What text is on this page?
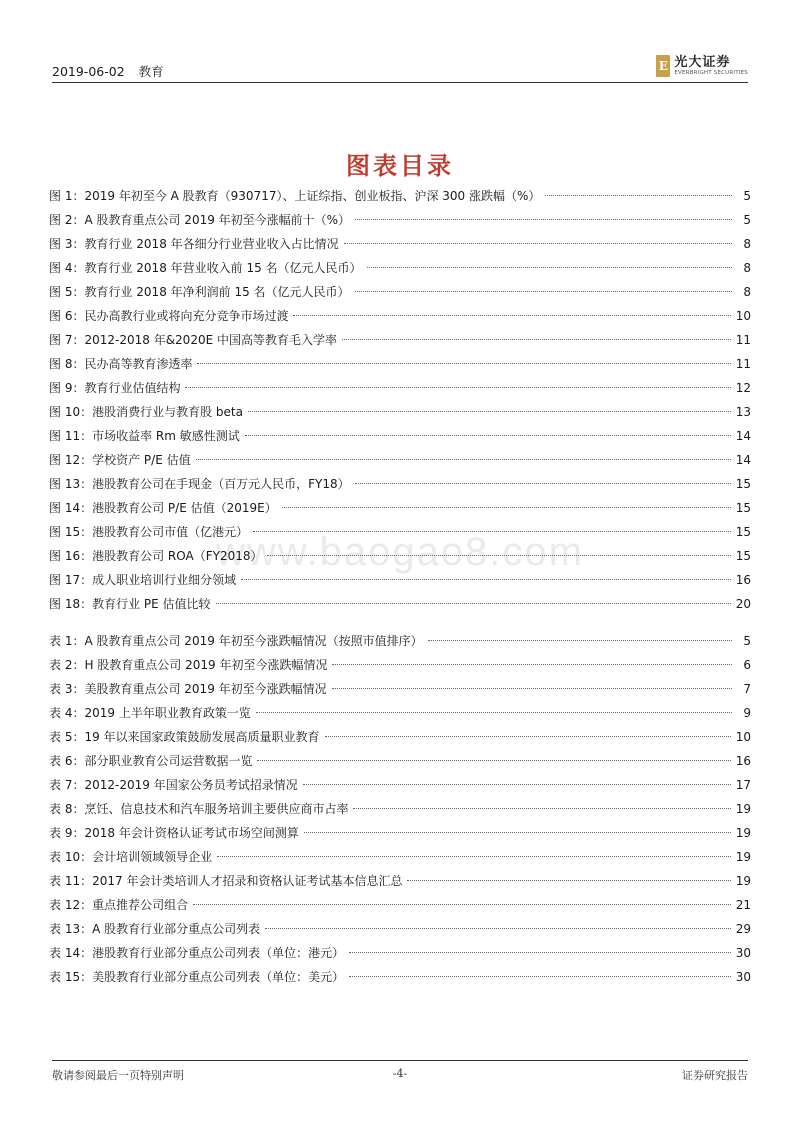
2019-06-02 教育	E 光大证券
EVERBRIGHT SECURITIES
图表目录
www.baogao8.com
图 1 ： 2019 年初至今 A 股教育（930717）、上证综指、创业板指、沪深 300 涨跌幅（%）	5
图 2 ： A 股教育重点公司 2019 年初至今涨幅前十（%）	5
图 3 ： 教育行业 2018 年各细分行业营业收入占比情况	8
图 4 ： 教育行业 2018 年营业收入前 15 名（亿元人民币）	8
图 5 ： 教育行业 2018 年净利润前 15 名（亿元人民币）	8
图 6 ： 民办高教行业或将向充分竞争市场过渡	10
图 7 ： 2012-2018 年&2020E 中国高等教育毛入学率	11
图 8 ： 民办高等教育渗透率	11
图 9 ： 教育行业估值结构	12
图 10 ： 港股消费行业与教育股 beta	13
图 11 ： 市场收益率 Rm 敏感性测试	14
图 12 ： 学校资产 P/E 估值	14
图 13 ： 港股教育公司在手现金（百万元人民币，FY18）	15
图 14 ： 港股教育公司 P/E 估值（2019E）	15
图 15 ： 港股教育公司市值（亿港元）	15
图 16 ： 港股教育公司 ROA（FY2018）	15
图 17 ： 成人职业培训行业细分领域	16
图 18 ： 教育行业 PE 估值比较	20
表 1 ： A 股教育重点公司 2019 年初至今涨跌幅情况（按照市值排序）	5
表 2 ： H 股教育重点公司 2019 年初至今涨跌幅情况	6
表 3 ： 美股教育重点公司 2019 年初至今涨跌幅情况	7
表 4 ： 2019 上半年职业教育政策一览	9
表 5 ： 19 年以来国家政策鼓励发展高质量职业教育	10
表 6 ： 部分职业教育公司运营数据一览	16
表 7 ： 2012-2019 年国家公务员考试招录情况	17
表 8 ： 烹饪、信息技术和汽车服务培训主要供应商市占率	19
表 9 ： 2018 年会计资格认证考试市场空间测算	19
表 10 ： 会计培训领域领导企业	19
表 11 ： 2017 年会计类培训人才招录和资格认证考试基本信息汇总	19
表 12 ： 重点推荐公司组合	21
表 13 ： A 股教育行业部分重点公司列表	29
表 14 ： 港股教育行业部分重点公司列表（单位：港元）	30
表 15 ： 美股教育行业部分重点公司列表（单位：美元）	30
敬请参阅最后一页特别声明	-4-	证券研究报告
